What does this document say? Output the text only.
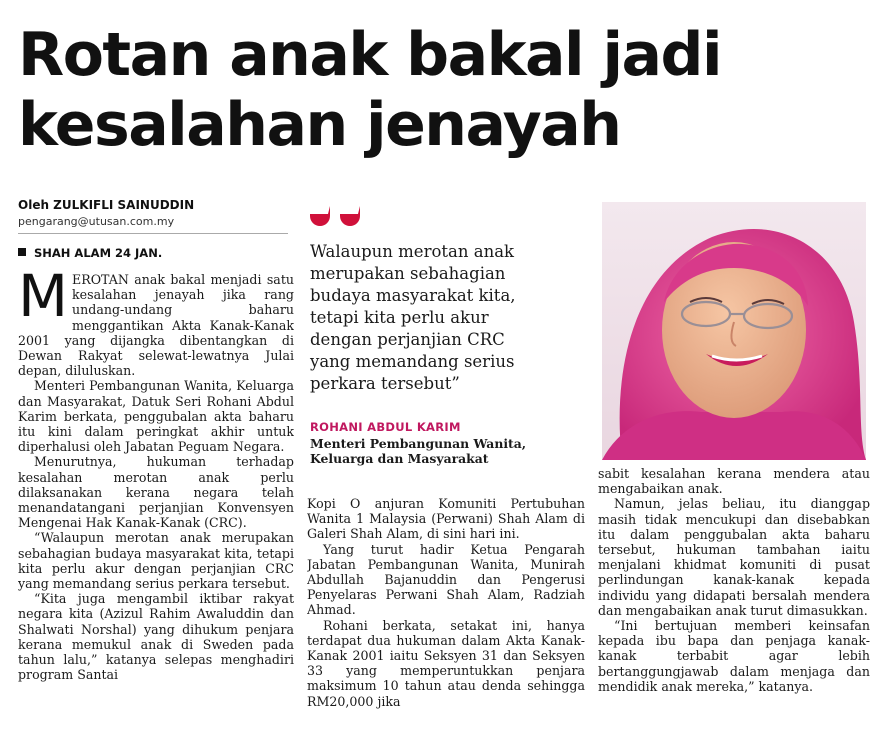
Rotan anak bakal jadi
kesalahan jenayah
Oleh ZULKIFLI SAINUDDIN
pengarang@utusan.com.my
SHAH ALAM 24 JAN.

MEROTAN anak bakal menjadi satu kesalahan jenayah jika rang undang-undang baharu menggantikan Akta Kanak-Kanak 2001 yang dijangka dibentangkan di Dewan Rakyat selewat-lewatnya Julai depan, diluluskan.

Menteri Pembangunan Wanita, Keluarga dan Masyarakat, Datuk Seri Rohani Abdul Karim berkata, penggubalan akta baharu itu kini dalam peringkat akhir untuk diperhalusi oleh Jabatan Peguam Negara.

Menurutnya, hukuman terhadap kesalahan merotan anak perlu dilaksanakan kerana negara telah menandatangani perjanjian Konvensyen Mengenai Hak Kanak-Kanak (CRC).

“Walaupun merotan anak merupakan sebahagian budaya masyarakat kita, tetapi kita perlu akur dengan perjanjian CRC yang memandang serius perkara tersebut.

“Kita juga mengambil iktibar rakyat negara kita (Azizul Rahim Awaluddin dan Shalwati Norshal) yang dihukum penjara kerana memukul anak di Sweden pada tahun lalu,” katanya selepas menghadiri program Santai

Walaupun merotan anak
merupakan sebahagian
budaya masyarakat kita,
tetapi kita perlu akur
dengan perjanjian CRC
yang memandang serius
perkara tersebut”
ROHANI ABDUL KARIM
Menteri Pembangunan Wanita,
Keluarga dan Masyarakat

Kopi O anjuran Komuniti Pertubuhan Wanita 1 Malaysia (Perwani) Shah Alam di Galeri Shah Alam, di sini hari ini.

Yang turut hadir Ketua Pengarah Jabatan Pembangunan Wanita, Munirah Abdullah Bajanuddin dan Pengerusi Penyelaras Perwani Shah Alam, Radziah Ahmad.

Rohani berkata, setakat ini, hanya terdapat dua hukuman dalam Akta Kanak-Kanak 2001 iaitu Seksyen 31 dan Seksyen 33 yang memperuntukkan penjara maksimum 10 tahun atau denda sehingga RM20,000 jika

sabit kesalahan kerana mendera atau mengabaikan anak.

Namun, jelas beliau, itu dianggap masih tidak mencukupi dan disebabkan itu dalam penggubalan akta baharu tersebut, hukuman tambahan iaitu menjalani khidmat komuniti di pusat perlindungan kanak-kanak kepada individu yang didapati bersalah mendera dan mengabaikan anak turut dimasukkan.

“Ini bertujuan memberi keinsafan kepada ibu bapa dan penjaga kanak-kanak terbabit agar lebih bertanggungjawab dalam menjaga dan mendidik anak mereka,” katanya.
